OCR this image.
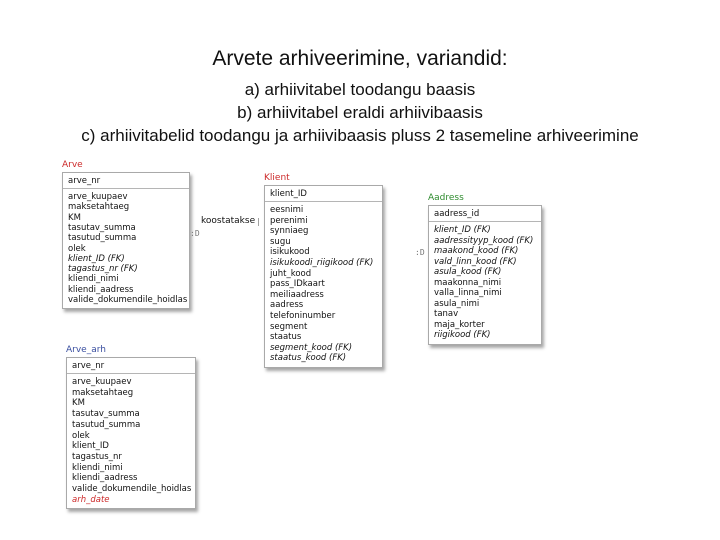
Arvete arhiveerimine, variandid:
a) arhiivitabel toodangu baasis
b) arhiivitabel eraldi arhiivibaasis
c) arhiivitabelid toodangu ja arhiivibaasis pluss 2 tasemeline arhiveerimine
Arve
arve_nr
arve_kuupaev
maksetahtaeg
KM
tasutav_summa
tasutud_summa
olek
klient_ID (FK)
tagastus_nr (FK)
kliendi_nimi
kliendi_aadress
valide_dokumendile_hoidlas
Klient
klient_ID
eesnimi
perenimi
synniaeg
sugu
isikukood
isikukoodi_riigikood (FK)
juht_kood
pass_IDkaart
meiliaadress
aadress
telefoninumber
segment
staatus
segment_kood (FK)
staatus_kood (FK)
Aadress
aadress_id
klient_ID (FK)
aadressityyp_kood (FK)
maakond_kood (FK)
vald_linn_kood (FK)
asula_kood (FK)
maakonna_nimi
valla_linna_nimi
asula_nimi
tanav
maja_korter
riigikood (FK)
Arve_arh
arve_nr
arve_kuupaev
maksetahtaeg
KM
tasutav_summa
tasutud_summa
olek
klient_ID
tagastus_nr
kliendi_nimi
kliendi_aadress
valide_dokumendile_hoidlas
arh_date
koostatakse
:D
|
:D
